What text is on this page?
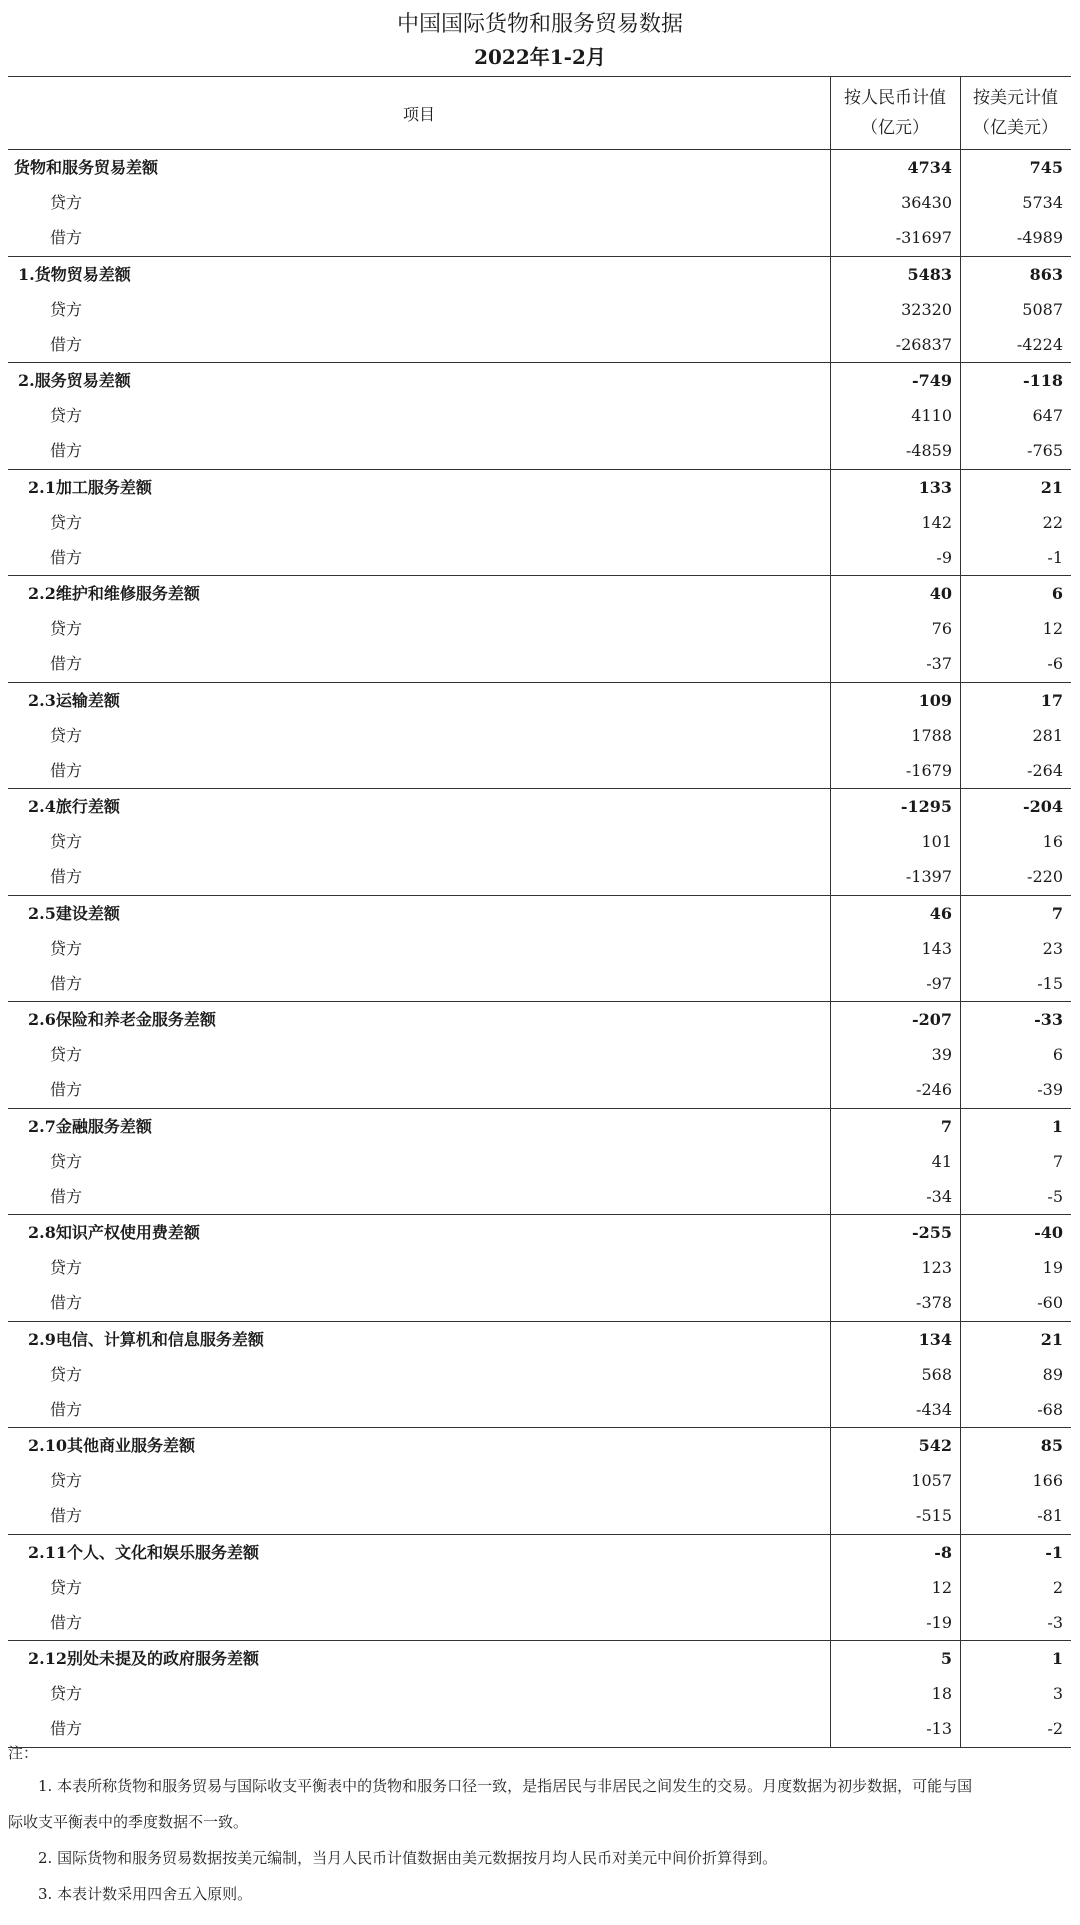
中国国际货物和服务贸易数据
2022年1-2月
项目
按人民币计值
（亿元）
按美元计值
（亿美元）
货物和服务贸易差额	4734	745
贷方	36430	5734
借方	-31697	-4989
1.货物贸易差额	5483	863
贷方	32320	5087
借方	-26837	-4224
2.服务贸易差额	-749	-118
贷方	4110	647
借方	-4859	-765
2.1加工服务差额	133	21
贷方	142	22
借方	-9	-1
2.2维护和维修服务差额	40	6
贷方	76	12
借方	-37	-6
2.3运输差额	109	17
贷方	1788	281
借方	-1679	-264
2.4旅行差额	-1295	-204
贷方	101	16
借方	-1397	-220
2.5建设差额	46	7
贷方	143	23
借方	-97	-15
2.6保险和养老金服务差额	-207	-33
贷方	39	6
借方	-246	-39
2.7金融服务差额	7	1
贷方	41	7
借方	-34	-5
2.8知识产权使用费差额	-255	-40
贷方	123	19
借方	-378	-60
2.9电信、计算机和信息服务差额	134	21
贷方	568	89
借方	-434	-68
2.10其他商业服务差额	542	85
贷方	1057	166
借方	-515	-81
2.11个人、文化和娱乐服务差额	-8	-1
贷方	12	2
借方	-19	-3
2.12别处未提及的政府服务差额	5	1
贷方	18	3
借方	-13	-2
注：

1. 本表所称货物和服务贸易与国际收支平衡表中的货物和服务口径一致，是指居民与非居民之间发生的交易。月度数据为初步数据，可能与国

际收支平衡表中的季度数据不一致。

2. 国际货物和服务贸易数据按美元编制，当月人民币计值数据由美元数据按月均人民币对美元中间价折算得到。

3. 本表计数采用四舍五入原则。
